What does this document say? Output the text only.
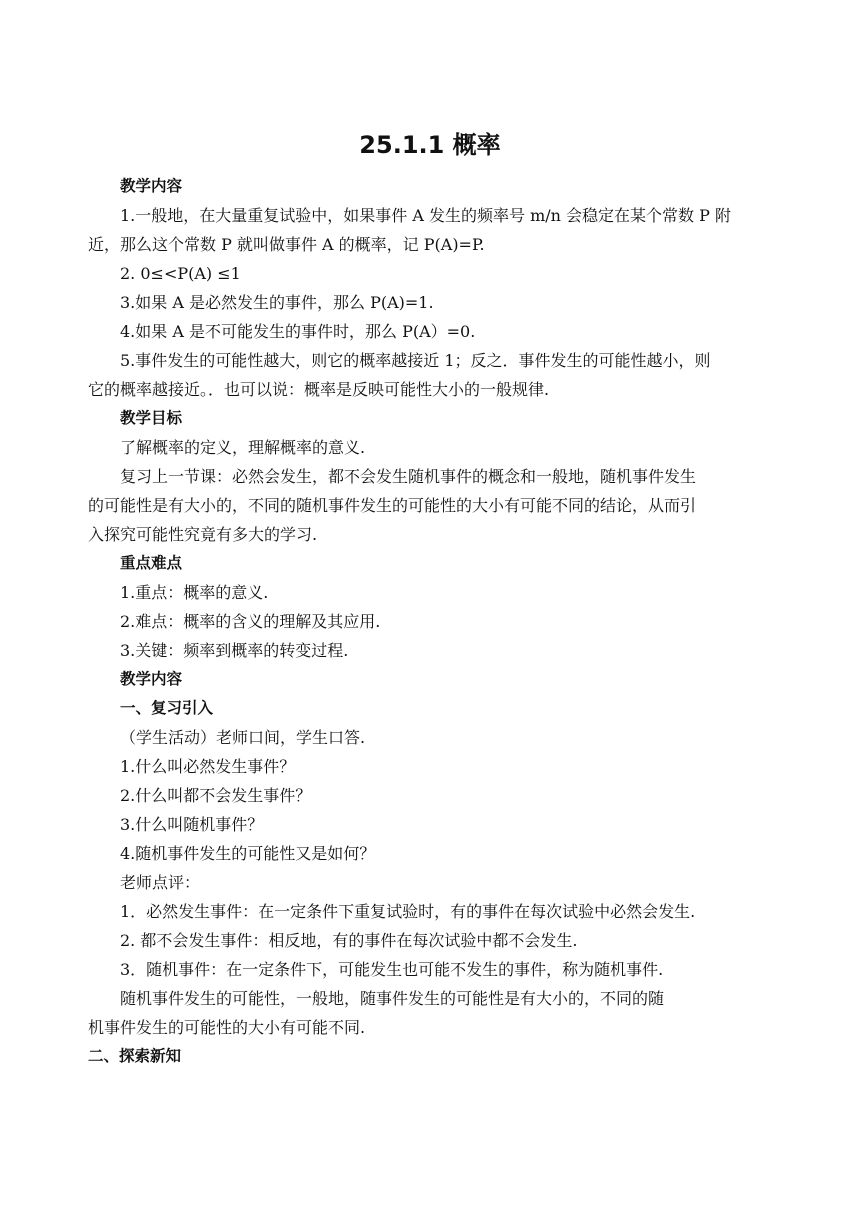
25.1.1 概率
教学内容
1.一般地，在大量重复试验中，如果事件 A 发生的频率号 m/n 会稳定在某个常数 P 附
近，那么这个常数 P 就叫做事件 A 的概率，记 P(A)=P.
2. 0≤<P(A) ≤1
3.如果 A 是必然发生的事件，那么 P(A)=1.
4.如果 A 是不可能发生的事件时，那么 P(A）=0.
5.事件发生的可能性越大，则它的概率越接近 1；反之．事件发生的可能性越小，则
它的概率越接近。．也可以说：概率是反映可能性大小的一般规律.
教学目标
了解概率的定义，理解概率的意义.
复习上一节课：必然会发生，都不会发生随机事件的概念和一般地，随机事件发生
的可能性是有大小的，不同的随机事件发生的可能性的大小有可能不同的结论，从而引
入探究可能性究竟有多大的学习.
重点难点
1.重点：概率的意义.
2.难点：概率的含义的理解及其应用.
3.关键：频率到概率的转变过程.
教学内容
一、复习引入
（学生活动）老师口间，学生口答.
1.什么叫必然发生事件？
2.什么叫都不会发生事件？
3.什么叫随机事件？
4.随机事件发生的可能性又是如何？
老师点评：
1．必然发生事件：在一定条件下重复试验时，有的事件在每次试验中必然会发生.
2. 都不会发生事件：相反地，有的事件在每次试验中都不会发生.
3．随机事件：在一定条件下，可能发生也可能不发生的事件，称为随机事件.
随机事件发生的可能性，一般地，随事件发生的可能性是有大小的，不同的随
机事件发生的可能性的大小有可能不同.
二、探索新知
